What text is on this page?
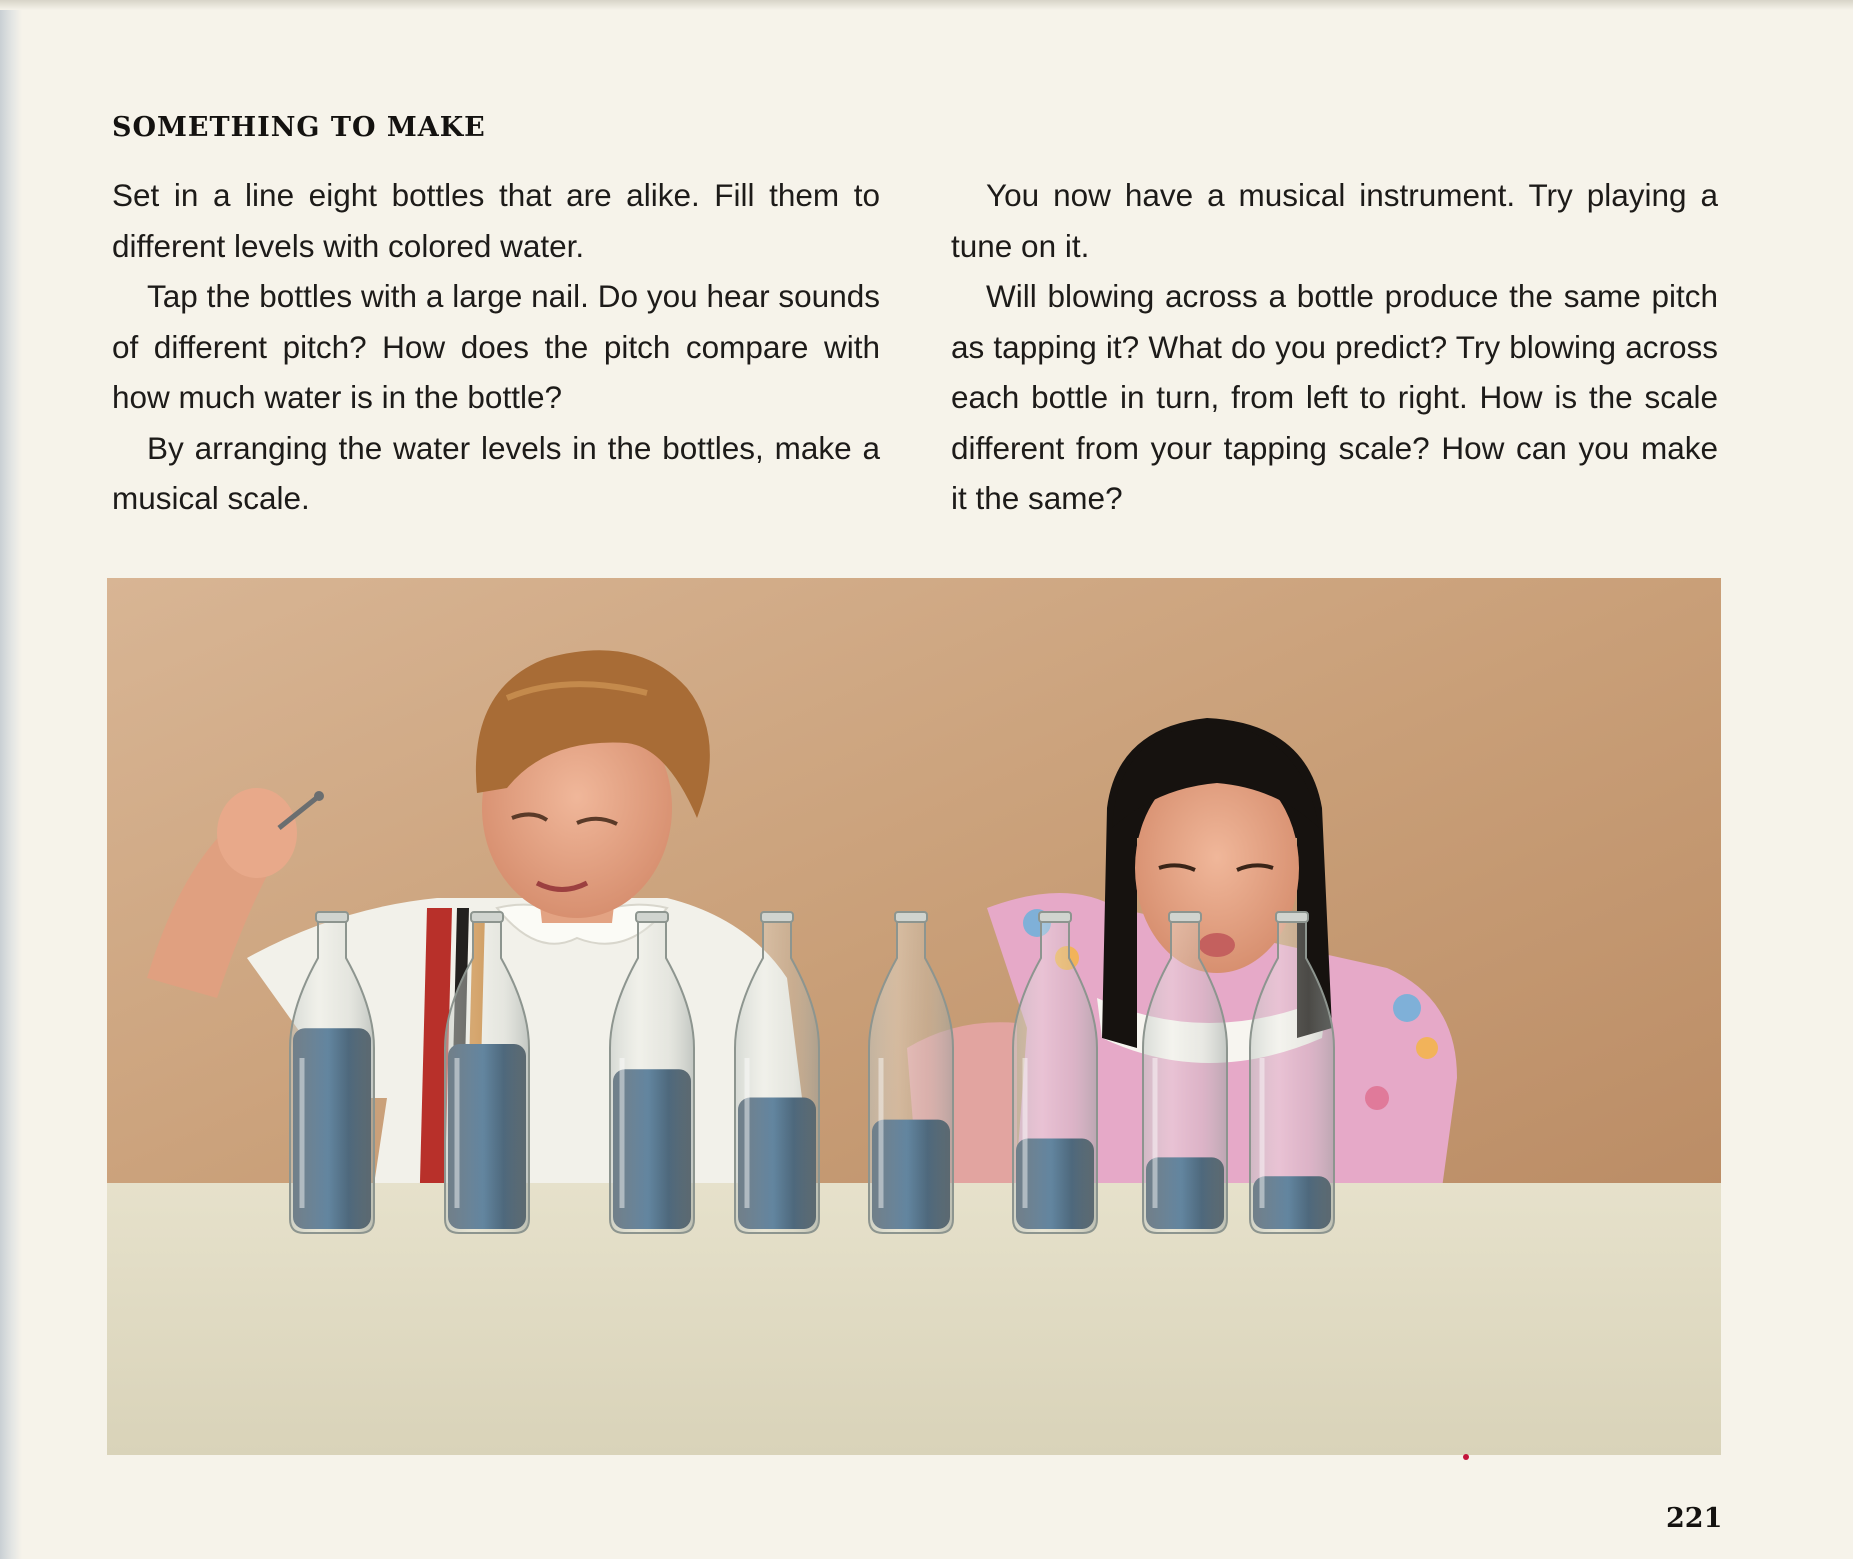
SOMETHING TO MAKE

Set in a line eight bottles that are alike. Fill them to different levels with colored water.

Tap the bottles with a large nail. Do you hear sounds of different pitch? How does the pitch compare with how much water is in the bottle?

By arranging the water levels in the bottles, make a musical scale.

You now have a musical instrument. Try playing a tune on it.

Will blowing across a bottle produce the same pitch as tapping it? What do you predict? Try blowing across each bottle in turn, from left to right. How is the scale different from your tapping scale? How can you make it the same?

221
